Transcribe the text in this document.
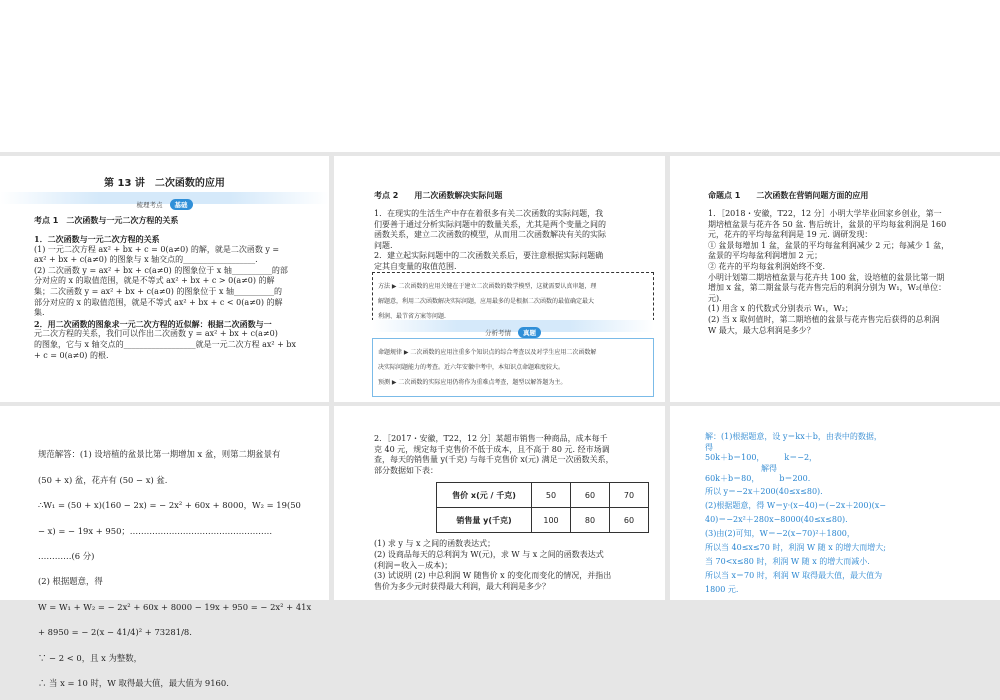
第 13 讲　二次函数的应用
梳理考点 基础

考点 1　二次函数与一元二次方程的关系

1．二次函数与一元二次方程的关系

(1) 一元二次方程 ax² + bx + c = 0(a≠0) 的解，就是二次函数 y =

ax² + bx + c(a≠0) 的图象与 x 轴交点的__________________.

(2) 二次函数 y = ax² + bx + c(a≠0) 的图象位于 x 轴__________的部

分对应的 x 的取值范围，就是不等式 ax² + bx + c > 0(a≠0) 的解

集；二次函数 y = ax² + bx + c(a≠0) 的图象位于 x 轴__________的

部分对应的 x 的取值范围，就是不等式 ax² + bx + c < 0(a≠0) 的解

集.

2．用二次函数的图象求一元二次方程的近似解：根据二次函数与一

元二次方程的关系，我们可以作出二次函数 y = ax² + bx + c(a≠0)

的图象，它与 x 轴交点的__________________就是一元二次方程 ax² + bx

+ c = 0(a≠0) 的根.

考点 2　　用二次函数解决实际问题

1．在现实的生活生产中存在着很多有关二次函数的实际问题，我

们要善于通过分析实际问题中的数量关系，尤其是两个变量之间的

函数关系，建立二次函数的模型，从而用二次函数解决有关的实际

问题.

2．建立起实际问题中的二次函数关系后，要注意根据实际问题确

定其自变量的取值范围.

方法 ▶ 二次函数的应用关键在于建立二次函数的数学模型，这就需要认真审题，理

解题意，利用二次函数解决实际问题，应用最多的是根据二次函数的最值确定最大

利润、最节省方案等问题.

分析考情 真题

命题规律 ▶ 二次函数的应用注重多个知识点的综合考查以及对学生应用二次函数解

决实际问题能力的考查。近六年安徽中考中，本知识点命题难度较大。

预测 ▶ 二次函数的实际应用仍将作为重难点考查，题型以解答题为主。

命题点 1　　二次函数在营销问题方面的应用

1．［2018・安徽，T22，12 分］小明大学毕业回家乡创业，第一

期培植盆景与花卉各 50 盆. 售后统计，盆景的平均每盆利润是 160

元，花卉的平均每盆利润是 19 元. 调研发现：

① 盆景每增加 1 盆，盆景的平均每盆利润减少 2 元；每减少 1 盆，

盆景的平均每盆利润增加 2 元；

② 花卉的平均每盆利润始终不变.

小明计划第二期培植盆景与花卉共 100 盆，设培植的盆景比第一期

增加 x 盆，第二期盆景与花卉售完后的利润分别为 W₁，W₂(单位：

元)．

(1) 用含 x 的代数式分别表示 W₁，W₂；

(2) 当 x 取何值时，第二期培植的盆景与花卉售完后获得的总利润

W 最大，最大总利润是多少？

规范解答：(1) 设培植的盆景比第一期增加 x 盆，则第二期盆景有

(50 + x) 盆，花卉有 (50 − x) 盆.

∴W₁ = (50 + x)(160 − 2x) = − 2x² + 60x + 8000，W₂ = 19(50

− x) = − 19x + 950；……………………………………………

…………(6 分)

(2) 根据题意，得

W = W₁ + W₂ = − 2x² + 60x + 8000 − 19x + 950 = − 2x² + 41x

+ 8950 = − 2(x − 41/4)² + 73281/8.

∵ − 2 < 0，且 x 为整数，

∴ 当 x = 10 时，W 取得最大值，最大值为 9160.

2．［2017・安徽，T22，12 分］某超市销售一种商品，成本每千

克 40 元，规定每千克售价不低于成本，且不高于 80 元. 经市场调

查，每天的销售量 y(千克) 与每千克售价 x(元) 满足一次函数关系，

部分数据如下表：

售价 x(元 / 千克)	50	60	70
销售量 y(千克)	100	80	60

(1) 求 y 与 x 之间的函数表达式；

(2) 设商品每天的总利润为 W(元)，求 W 与 x 之间的函数表达式

(利润＝收入－成本)；

(3) 试说明 (2) 中总利润 W 随售价 x 的变化而变化的情况，并指出

售价为多少元时获得最大利润，最大利润是多少？

解：(1)根据题意，设 y＝kx＋b，由表中的数据，

得

50k＋b＝100，　　　k＝−2，

　　　　　　　解得

60k＋b＝80，　　　b＝200.

所以 y＝−2x＋200(40≤x≤80).

(2)根据题意，得 W＝y·(x−40)＝(−2x＋200)(x−

40)＝−2x²＋280x−8000(40≤x≤80).

(3)由(2)可知，W＝−2(x−70)²＋1800，

所以当 40≤x≤70 时，利润 W 随 x 的增大而增大;

当 70<x≤80 时，利润 W 随 x 的增大而减小.

所以当 x＝70 时，利润 W 取得最大值，最大值为

1800 元.
